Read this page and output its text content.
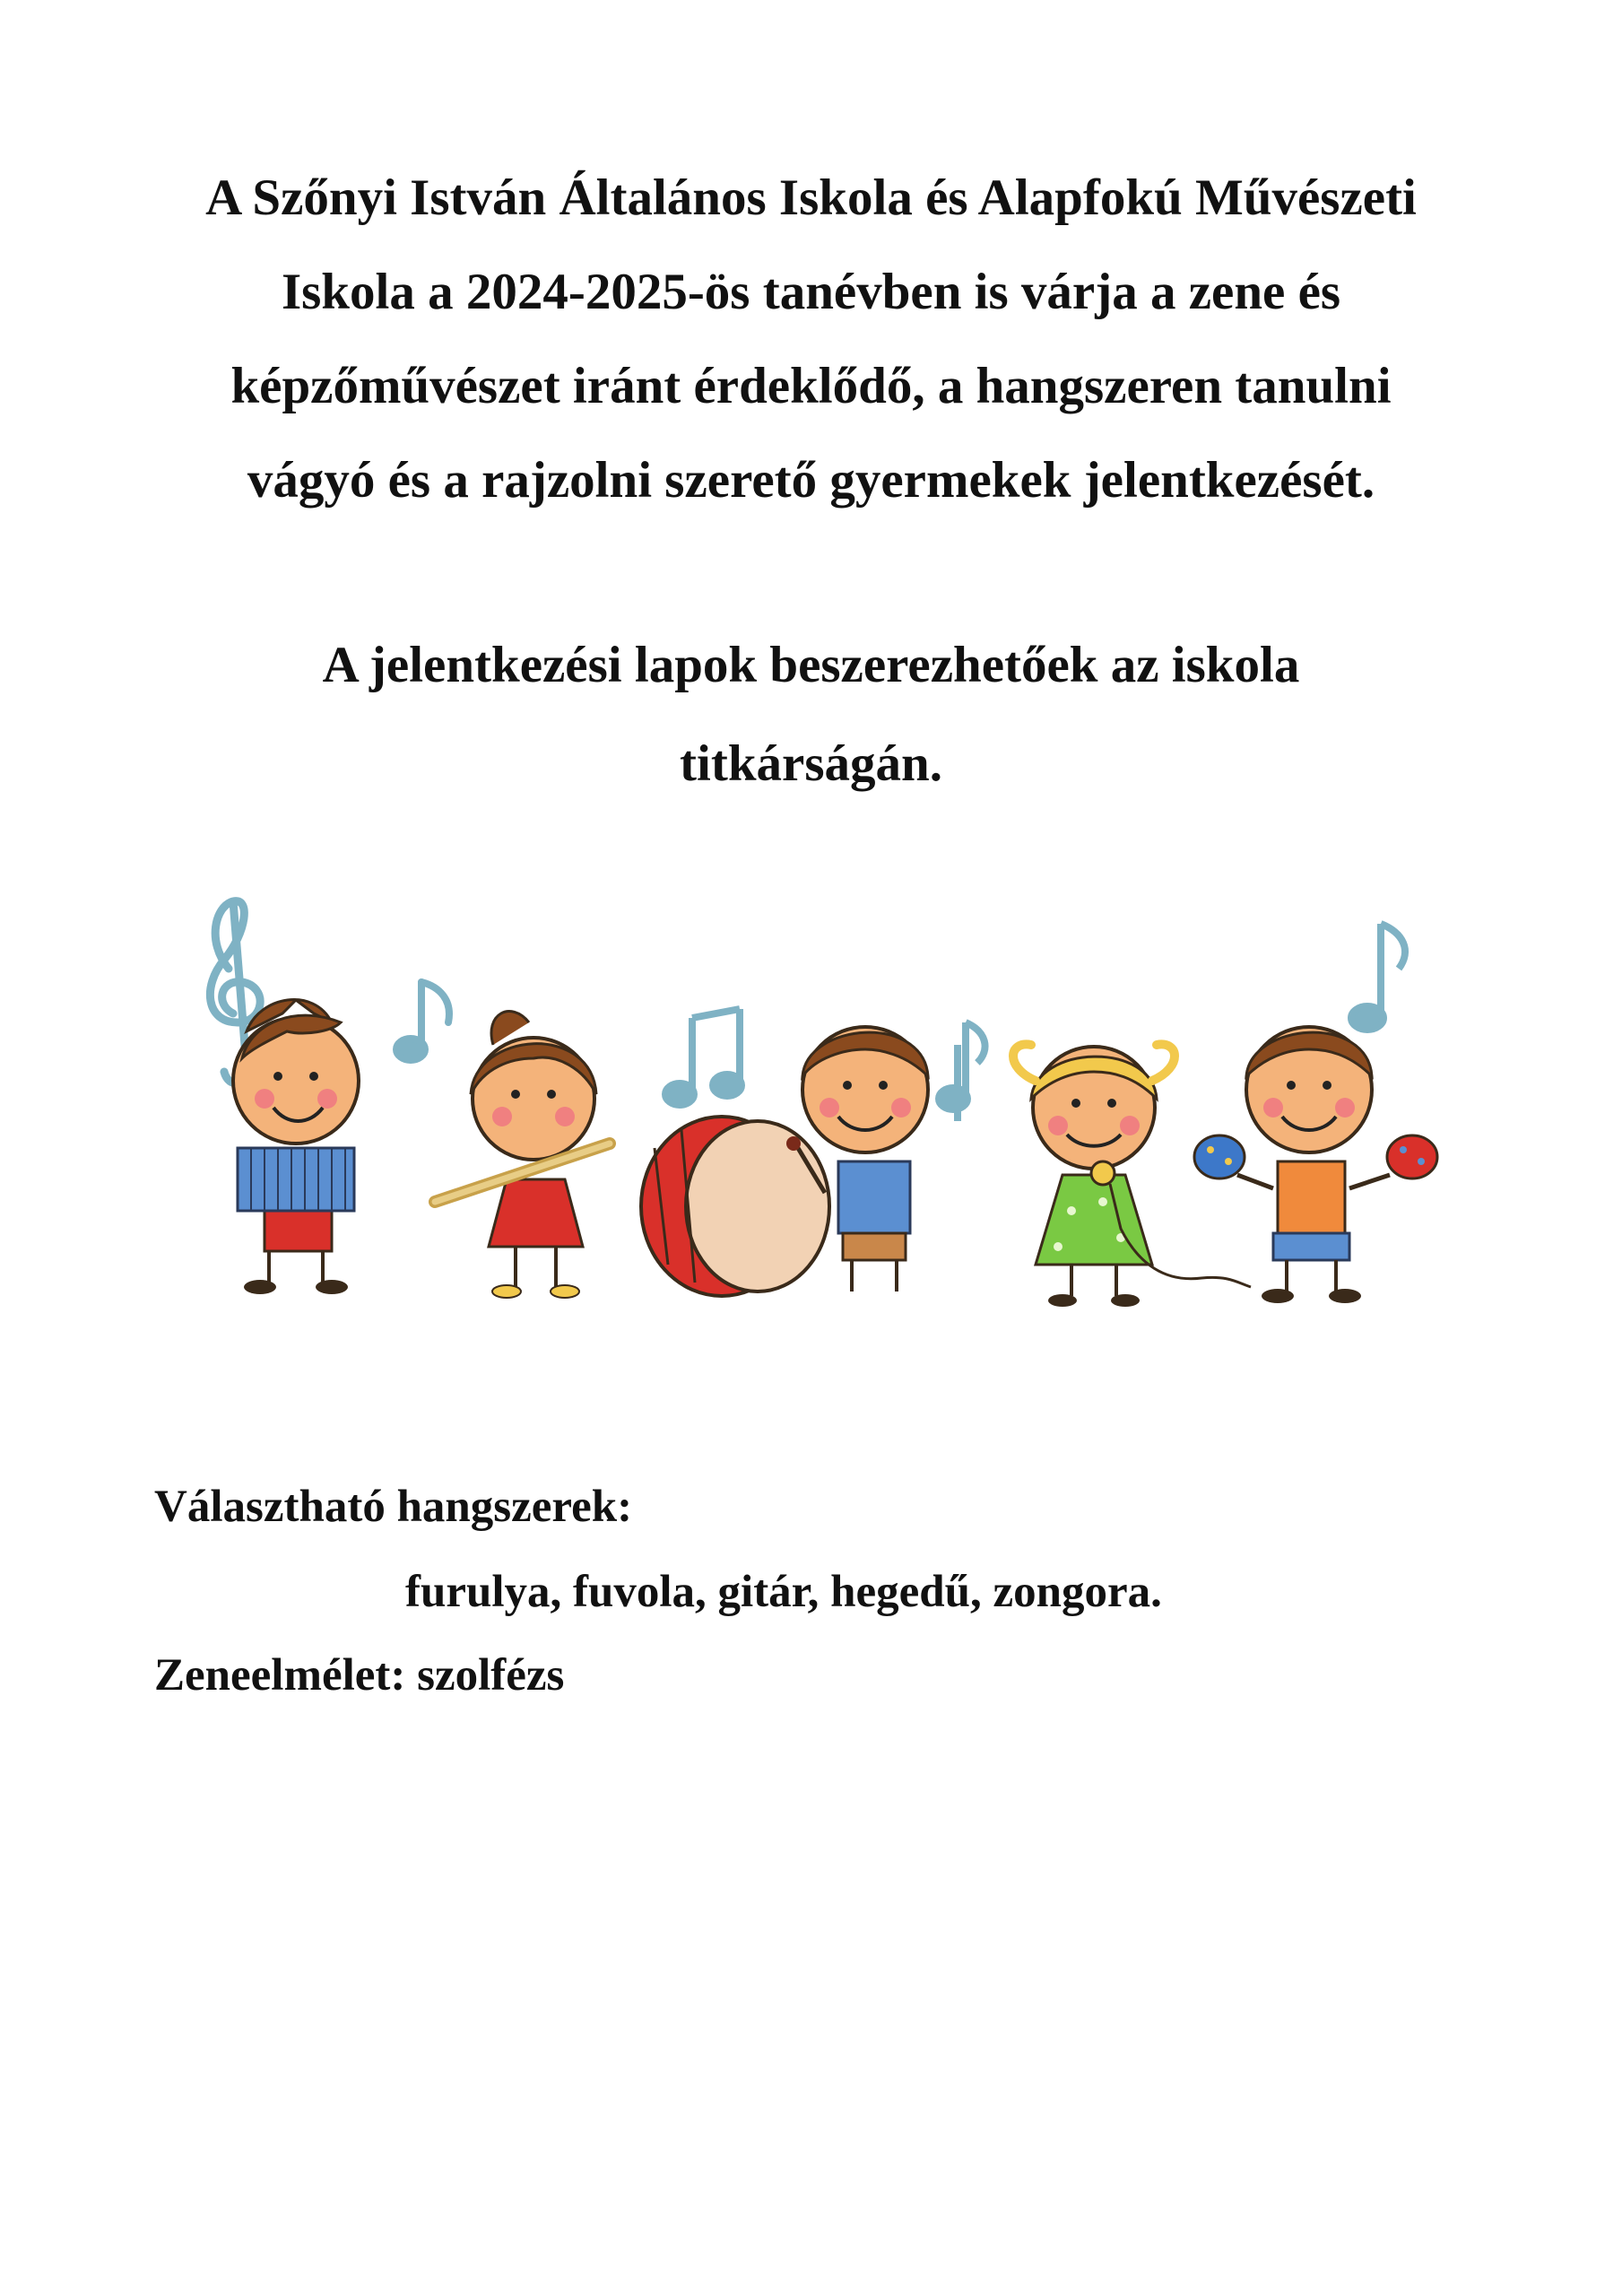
A Szőnyi István Általános Iskola és Alapfokú Művészeti
Iskola a 2024-2025-ös tanévben is várja a zene és
képzőművészet iránt érdeklődő, a hangszeren tanulni
vágyó és a rajzolni szerető gyermekek jelentkezését.

A jelentkezési lapok beszerezhetőek az iskola
titkárságán.

Választható hangszerek:
furulya, fuvola, gitár, hegedű, zongora.
Zeneelmélet: szolfézs
